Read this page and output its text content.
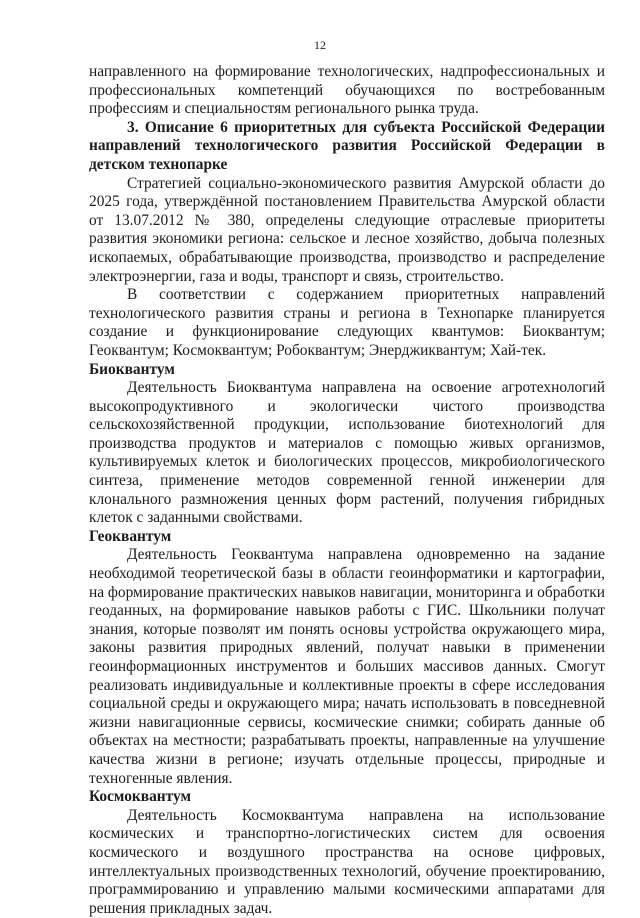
12

направленного на формирование технологических, надпрофессиональных и профессиональных компетенций обучающихся по востребованным профессиям и специальностям регионального рынка труда.

3. Описание 6 приоритетных для субъекта Российской Федерации направлений технологического развития Российской Федерации в детском технопарке

Стратегией социально-экономического развития Амурской области до 2025 года, утверждённой постановлением Правительства Амурской области от 13.07.2012 № 380, определены следующие отраслевые приоритеты развития экономики региона: сельское и лесное хозяйство, добыча полезных ископаемых, обрабатывающие производства, производство и распределение электроэнергии, газа и воды, транспорт и связь, строительство.

В соответствии с содержанием приоритетных направлений технологического развития страны и региона в Технопарке планируется создание и функционирование следующих квантумов: Биоквантум; Геоквантум; Космоквантум; Робоквантум; Энерджиквантум; Хай-тек.

Биоквантум

Деятельность Биоквантума направлена на освоение агротехнологий высокопродуктивного и экологически чистого производства сельскохозяйственной продукции, использование биотехнологий для производства продуктов и материалов с помощью живых организмов, культивируемых клеток и биологических процессов, микробиологического синтеза, применение методов современной генной инженерии для клонального размножения ценных форм растений, получения гибридных клеток с заданными свойствами.

Геоквантум

Деятельность Геоквантума направлена одновременно на задание необходимой теоретической базы в области геоинформатики и картографии, на формирование практических навыков навигации, мониторинга и обработки геоданных, на формирование навыков работы с ГИС. Школьники получат знания, которые позволят им понять основы устройства окружающего мира, законы развития природных явлений, получат навыки в применении геоинформационных инструментов и больших массивов данных. Смогут реализовать индивидуальные и коллективные проекты в сфере исследования социальной среды и окружающего мира; начать использовать в повседневной жизни навигационные сервисы, космические снимки; собирать данные об объектах на местности; разрабатывать проекты, направленные на улучшение качества жизни в регионе; изучать отдельные процессы, природные и техногенные явления.

Космоквантум

Деятельность Космоквантума направлена на использование космических и транспортно-логистических систем для освоения космического и воздушного пространства на основе цифровых, интеллектуальных производственных технологий, обучение проектированию, программированию и управлению малыми космическими аппаратами для решения прикладных задач.
